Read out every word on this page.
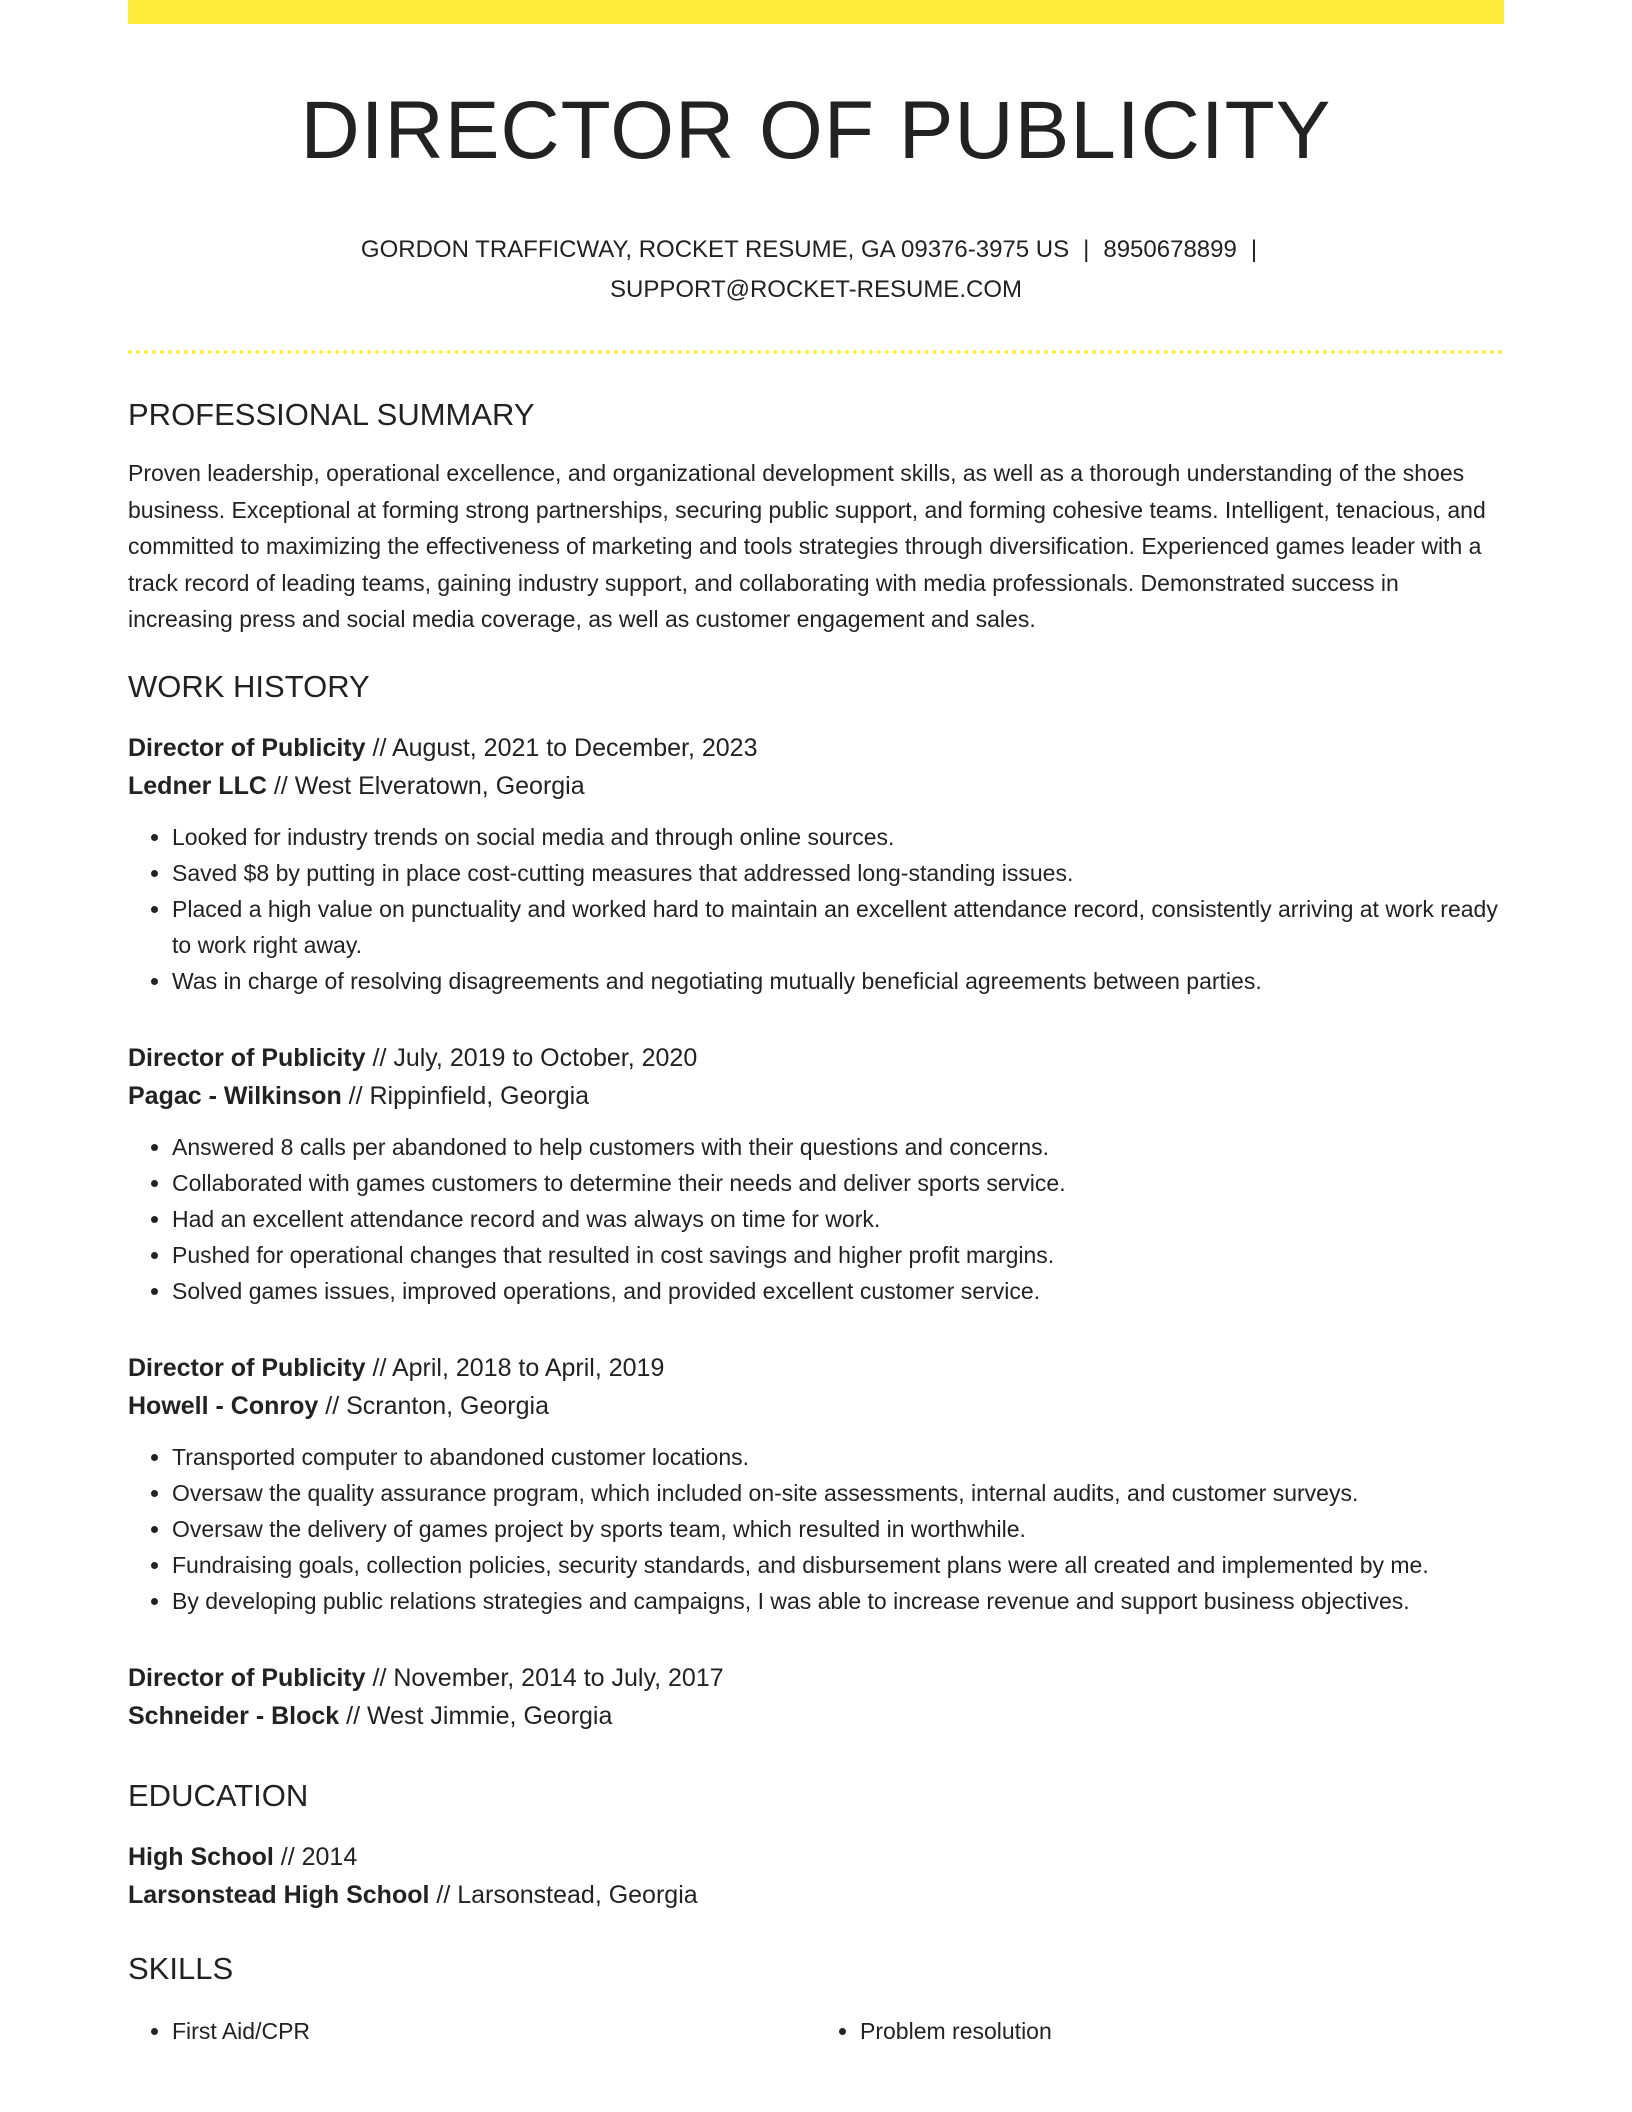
DIRECTOR OF PUBLICITY
GORDON TRAFFICWAY, ROCKET RESUME, GA 09376-3975 US | 8950678899 |
SUPPORT@ROCKET-RESUME.COM
PROFESSIONAL SUMMARY
Proven leadership, operational excellence, and organizational development skills, as well as a thorough understanding of the shoes business. Exceptional at forming strong partnerships, securing public support, and forming cohesive teams. Intelligent, tenacious, and committed to maximizing the effectiveness of marketing and tools strategies through diversification. Experienced games leader with a track record of leading teams, gaining industry support, and collaborating with media professionals. Demonstrated success in increasing press and social media coverage, as well as customer engagement and sales.
WORK HISTORY
Director of Publicity // August, 2021 to December, 2023
Ledner LLC // West Elveratown, Georgia
• Looked for industry trends on social media and through online sources.
• Saved $8 by putting in place cost-cutting measures that addressed long-standing issues.
• Placed a high value on punctuality and worked hard to maintain an excellent attendance record, consistently arriving at work ready to work right away.
• Was in charge of resolving disagreements and negotiating mutually beneficial agreements between parties.
Director of Publicity // July, 2019 to October, 2020
Pagac - Wilkinson // Rippinfield, Georgia
• Answered 8 calls per abandoned to help customers with their questions and concerns.
• Collaborated with games customers to determine their needs and deliver sports service.
• Had an excellent attendance record and was always on time for work.
• Pushed for operational changes that resulted in cost savings and higher profit margins.
• Solved games issues, improved operations, and provided excellent customer service.
Director of Publicity // April, 2018 to April, 2019
Howell - Conroy // Scranton, Georgia
• Transported computer to abandoned customer locations.
• Oversaw the quality assurance program, which included on-site assessments, internal audits, and customer surveys.
• Oversaw the delivery of games project by sports team, which resulted in worthwhile.
• Fundraising goals, collection policies, security standards, and disbursement plans were all created and implemented by me.
• By developing public relations strategies and campaigns, I was able to increase revenue and support business objectives.
Director of Publicity // November, 2014 to July, 2017
Schneider - Block // West Jimmie, Georgia
EDUCATION
High School // 2014
Larsonstead High School // Larsonstead, Georgia
SKILLS
• First Aid/CPR
•	Problem resolution
